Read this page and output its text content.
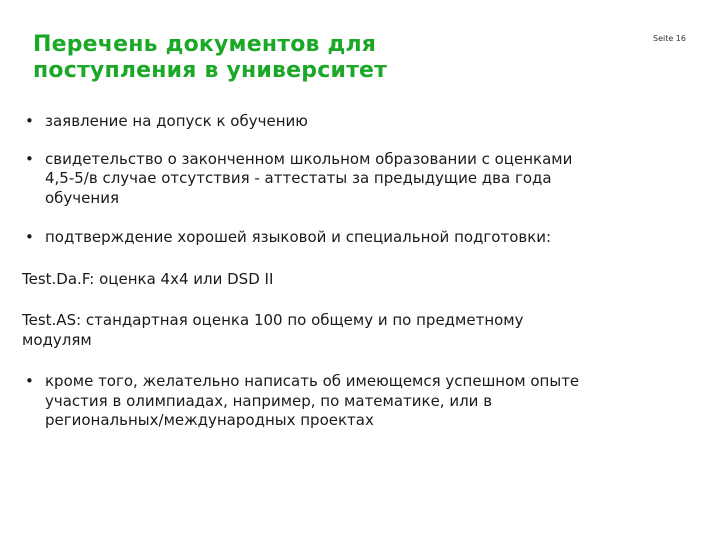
Перечень документов для
поступления в университет
Seite 16
• заявление на допуск к обучению
• свидетельство о законченном школьном образовании с оценками
4,5-5/в случае отсутствия - аттестаты за предыдущие два года
обучения
• подтверждение хорошей языковой и специальной подготовки:
Test.Da.F: оценка 4x4 или DSD II
Test.AS: стандартная оценка 100 по общему и по предметному
модулям
• кроме того, желательно написать об имеющемся успешном опыте
участия в олимпиадах, например, по математике, или в
региональных/международных проектах
